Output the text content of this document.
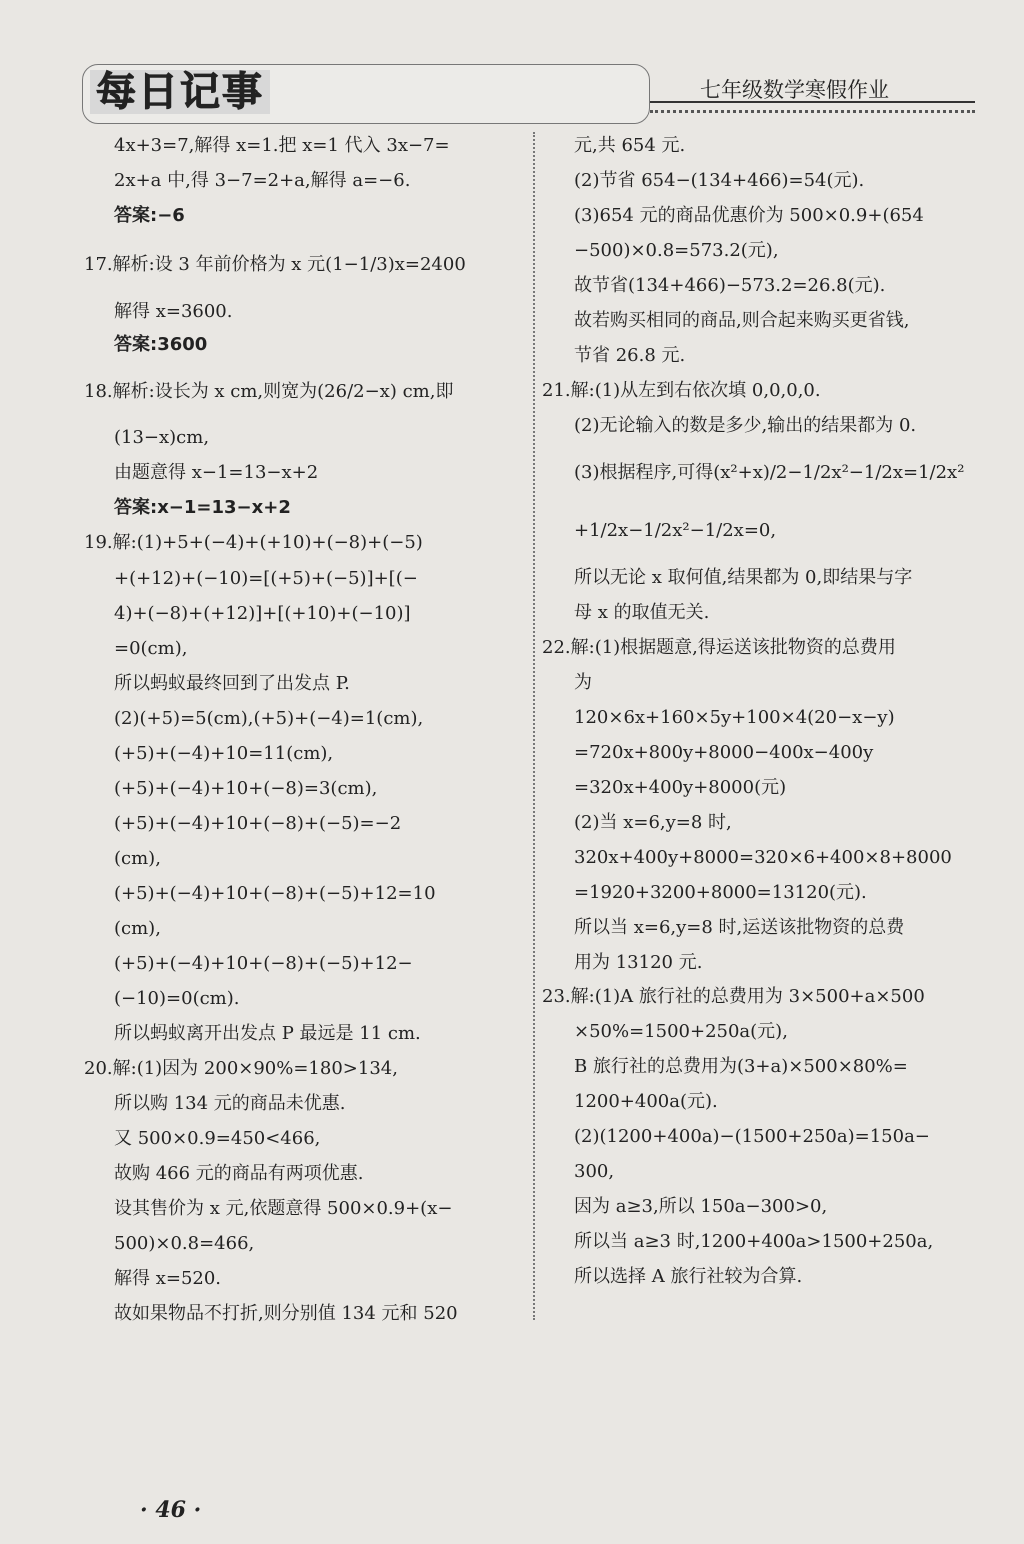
每日记事	七年级数学寒假作业
4x+3=7,解得 x=1.把 x=1 代入 3x−7=
2x+a 中,得 3−7=2+a,解得 a=−6.
答案:−6
17.解析:设 3 年前价格为 x 元(1−1/3)x=2400
解得 x=3600.
答案:3600
18.解析:设长为 x cm,则宽为(26/2−x) cm,即
(13−x)cm,
由题意得 x−1=13−x+2
答案:x−1=13−x+2
19.解:(1)+5+(−4)+(+10)+(−8)+(−5)
+(+12)+(−10)=[(+5)+(−5)]+[(−
4)+(−8)+(+12)]+[(+10)+(−10)]
=0(cm),
所以蚂蚁最终回到了出发点 P.
(2)(+5)=5(cm),(+5)+(−4)=1(cm),
(+5)+(−4)+10=11(cm),
(+5)+(−4)+10+(−8)=3(cm),
(+5)+(−4)+10+(−8)+(−5)=−2
(cm),
(+5)+(−4)+10+(−8)+(−5)+12=10
(cm),
(+5)+(−4)+10+(−8)+(−5)+12−
(−10)=0(cm).
所以蚂蚁离开出发点 P 最远是 11 cm.
20.解:(1)因为 200×90%=180>134,
所以购 134 元的商品未优惠.
又 500×0.9=450<466,
故购 466 元的商品有两项优惠.
设其售价为 x 元,依题意得 500×0.9+(x−
500)×0.8=466,
解得 x=520.
故如果物品不打折,则分别值 134 元和 520
元,共 654 元.
(2)节省 654−(134+466)=54(元).
(3)654 元的商品优惠价为 500×0.9+(654
−500)×0.8=573.2(元),
故节省(134+466)−573.2=26.8(元).
故若购买相同的商品,则合起来购买更省钱,
节省 26.8 元.
21.解:(1)从左到右依次填 0,0,0,0.
(2)无论输入的数是多少,输出的结果都为 0.
(3)根据程序,可得(x²+x)/2−1/2x²−1/2x=1/2x²
+1/2x−1/2x²−1/2x=0,
所以无论 x 取何值,结果都为 0,即结果与字
母 x 的取值无关.
22.解:(1)根据题意,得运送该批物资的总费用
为
120×6x+160×5y+100×4(20−x−y)
=720x+800y+8000−400x−400y
=320x+400y+8000(元)
(2)当 x=6,y=8 时,
320x+400y+8000=320×6+400×8+8000
=1920+3200+8000=13120(元).
所以当 x=6,y=8 时,运送该批物资的总费
用为 13120 元.
23.解:(1)A 旅行社的总费用为 3×500+a×500
×50%=1500+250a(元),
B 旅行社的总费用为(3+a)×500×80%=
1200+400a(元).
(2)(1200+400a)−(1500+250a)=150a−
300,
因为 a≥3,所以 150a−300>0,
所以当 a≥3 时,1200+400a>1500+250a,
所以选择 A 旅行社较为合算.
· 46 ·
